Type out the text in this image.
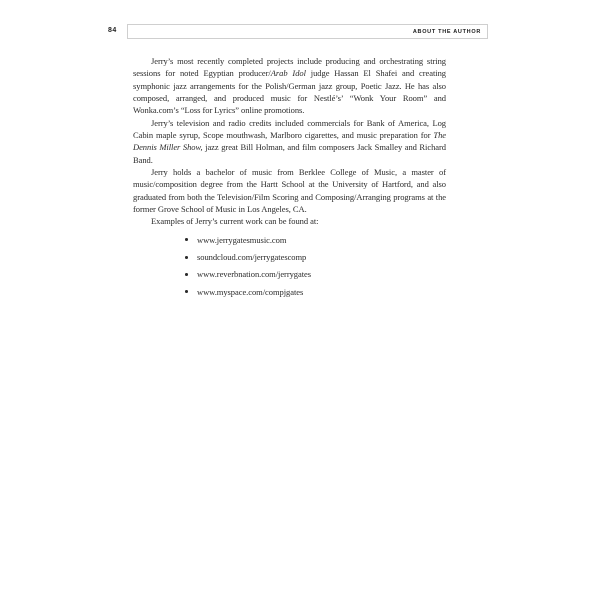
84	ABOUT THE AUTHOR

Jerry’s most recently completed projects include producing and orchestrating string sessions for noted Egyptian producer/Arab Idol judge Hassan El Shafei and creating symphonic jazz arrangements for the Polish/German jazz group, Poetic Jazz. He has also composed, arranged, and produced music for Nestlé’s’ “Wonk Your Room” and Wonka.com’s “Loss for Lyrics” online promotions.

Jerry’s television and radio credits included commercials for Bank of America, Log Cabin maple syrup, Scope mouthwash, Marlboro cigarettes, and music preparation for The Dennis Miller Show, jazz great Bill Holman, and film composers Jack Smalley and Richard Band.

Jerry holds a bachelor of music from Berklee College of Music, a master of music/composition degree from the Hartt School at the University of Hartford, and also graduated from both the Television/Film Scoring and Composing/Arranging programs at the former Grove School of Music in Los Angeles, CA.

Examples of Jerry’s current work can be found at:

www.jerrygatesmusic.com
soundcloud.com/jerrygatescomp
www.reverbnation.com/jerrygates
www.myspace.com/compjgates
